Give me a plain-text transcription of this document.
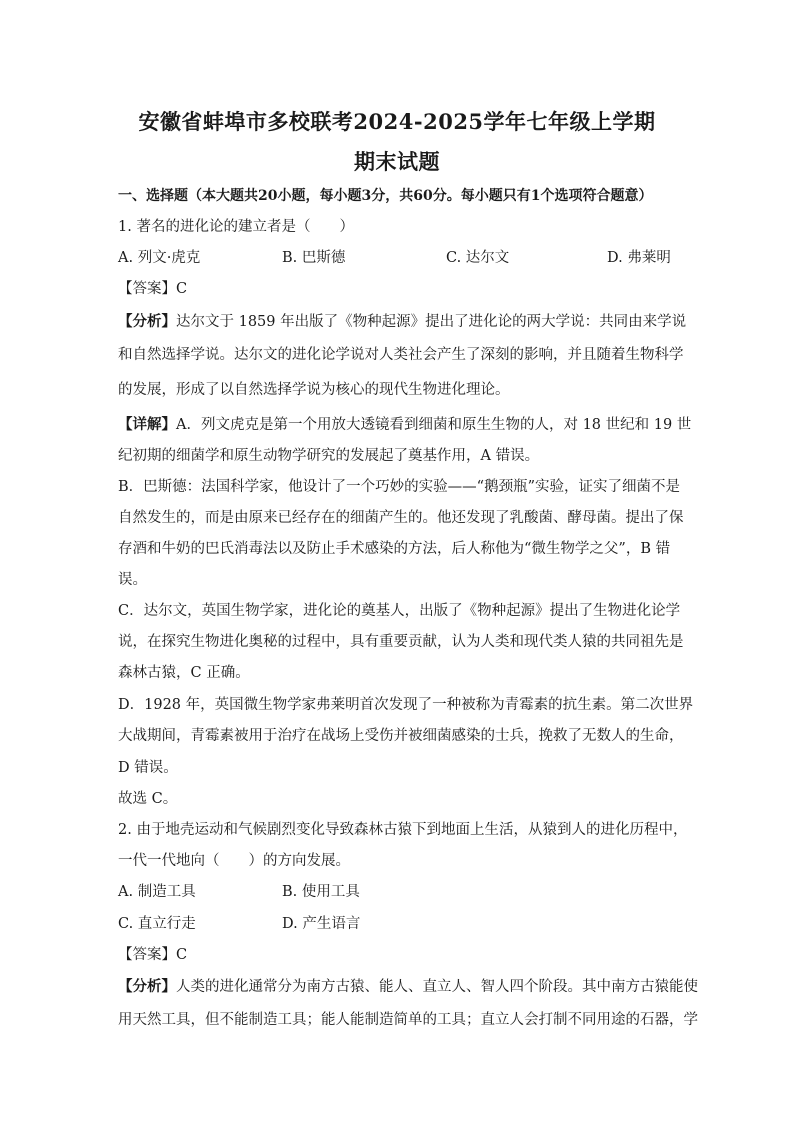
安徽省蚌埠市多校联考2024-2025学年七年级上学期
期末试题
一、选择题（本大题共20小题，每小题3分，共60分。每小题只有1个选项符合题意）
1. 著名的进化论的建立者是（　　）
A. 列文·虎克	B. 巴斯德	C. 达尔文	D. 弗莱明
【答案】C
【分析】达尔文于 1859 年出版了《物种起源》提出了进化论的两大学说：共同由来学说
和自然选择学说。达尔文的进化论学说对人类社会产生了深刻的影响，并且随着生物科学
的发展，形成了以自然选择学说为核心的现代生物进化理论。
【详解】A．列文虎克是第一个用放大透镜看到细菌和原生生物的人，对 18 世纪和 19 世
纪初期的细菌学和原生动物学研究的发展起了奠基作用，A 错误。
B．巴斯德：法国科学家，他设计了一个巧妙的实验——“鹅颈瓶”实验，证实了细菌不是
自然发生的，而是由原来已经存在的细菌产生的。他还发现了乳酸菌、酵母菌。提出了保
存酒和牛奶的巴氏消毒法以及防止手术感染的方法，后人称他为“微生物学之父”，B 错
误。
C．达尔文，英国生物学家，进化论的奠基人，出版了《物种起源》提出了生物进化论学
说，在探究生物进化奥秘的过程中，具有重要贡献，认为人类和现代类人猿的共同祖先是
森林古猿，C 正确。
D．1928 年，英国微生物学家弗莱明首次发现了一种被称为青霉素的抗生素。第二次世界
大战期间，青霉素被用于治疗在战场上受伤并被细菌感染的士兵，挽救了无数人的生命，
D 错误。
故选 C。
2. 由于地壳运动和气候剧烈变化导致森林古猿下到地面上生活，从猿到人的进化历程中，
一代一代地向（　　）的方向发展。
A. 制造工具	B. 使用工具
C. 直立行走	D. 产生语言
【答案】C
【分析】人类的进化通常分为南方古猿、能人、直立人、智人四个阶段。其中南方古猿能使
用天然工具，但不能制造工具；能人能制造简单的工具；直立人会打制不同用途的石器，学
